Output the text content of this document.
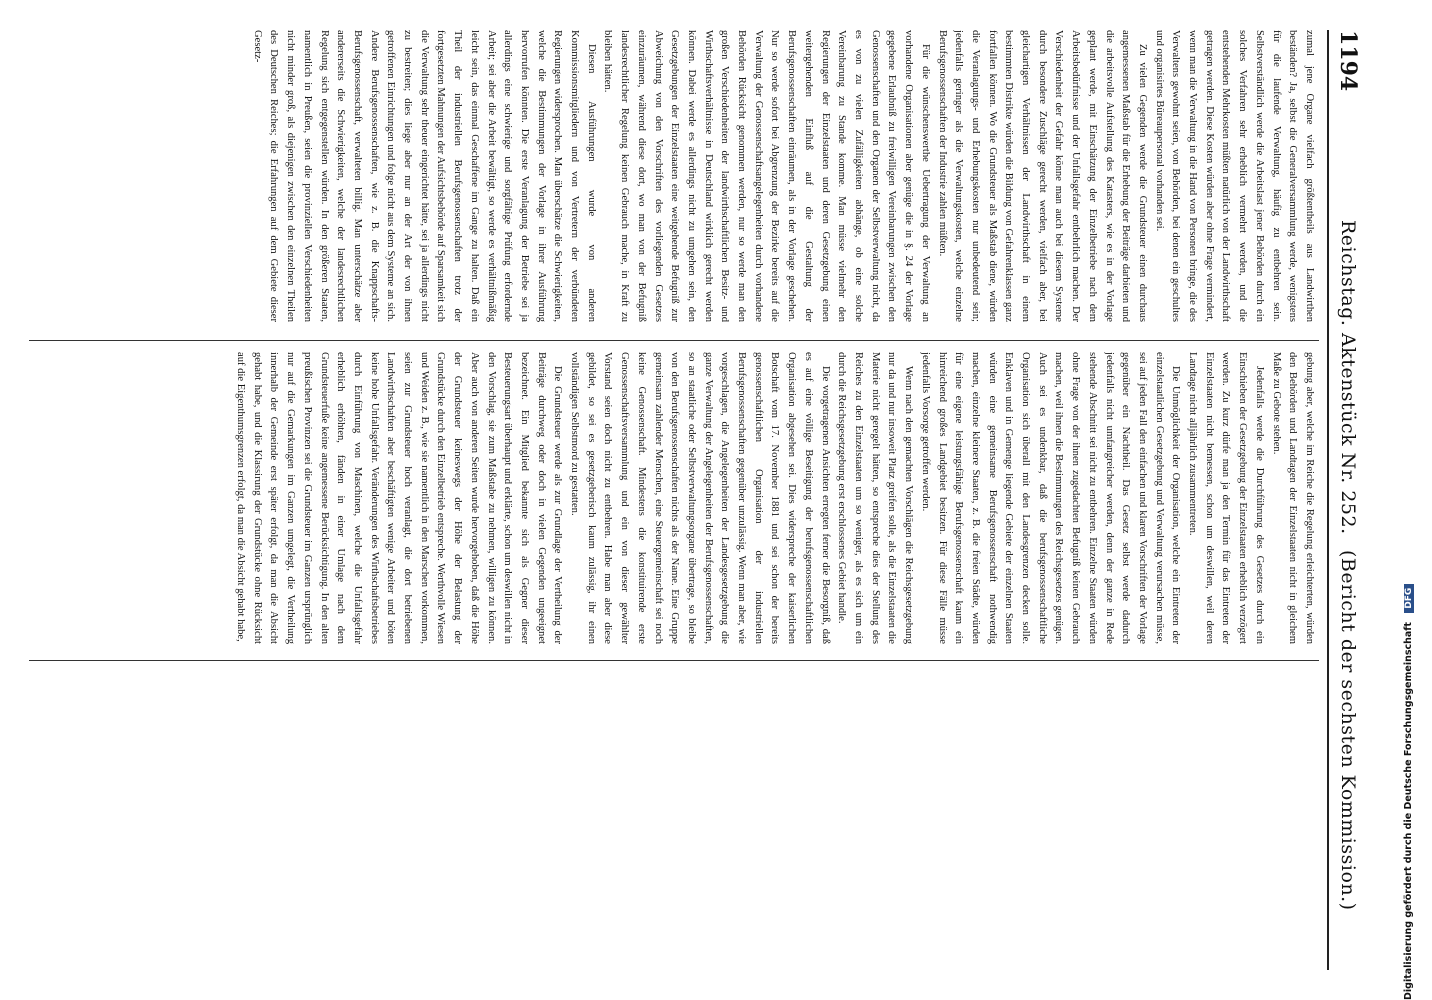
1194
Reichstag. Aktenstück Nr. 252.
(Bericht der sechsten Kommission.)

zumal jene Organe vielfach größtentheils aus Landwirthen beständen? Ja, selbst die Generalversammlung werde, wenigstens für die laufende Verwaltung, häufig zu entbehren sein. Selbstverständlich werde die Arbeitslast jener Behörden durch ein solches Verfahren sehr erheblich vermehrt werden, und die entstehenden Mehrkosten müßten natürlich von der Landwirthschaft getragen werden. Diese Kosten würden aber ohne Frage vermindert, wenn man die Verwaltung in die Hand von Personen bringe, die des Verwaltens gewohnt seien, von Behörden, bei denen ein geschultes und organisirtes Büreaupersonal vorhanden sei.

Zu vielen Gegenden werde die Grundsteuer einen durchaus angemessenen Maßstab für die Erhebung der Beiträge darbieten und die arbeitsvolle Aufstellung des Katasters, wie es in der Vorlage geplant werde, mit Einschätzung der Einzelbetriebe nach dem Arbeitsbedürfnisse und der Unfallsgefahr entbehrlich machen. Der Verschiedenheit der Gefahr könne man auch bei diesem Systeme durch besondere Zuschläge gerecht werden, vielfach aber, bei gleichartigen Verhältnissen der Landwirthschaft in einem bestimmten Distrikte würden die Bildung von Gefahrenklassen ganz fortfallen können. Wo die Grundsteuer als Maßstab diene, würden die Veranlagungs- und Erhebungskosten nur unbedeutend sein; jedenfalls geringer als die Verwaltungskosten, welche einzelne Berufsgenossenschaften der Industrie zahlen müßten.

Für die wünschenswerthe Uebertragung der Verwaltung an vorhandene Organisationen aber genüge die in §. 24 der Vorlage gegebene Erlaubniß zu freiwilligen Vereinbarungen zwischen den Genossenschaften und den Organen der Selbstverwaltung nicht, da es von zu vielen Zufälligkeiten abhänge, ob eine solche Vereinbarung zu Stande komme. Man müsse vielmehr den Regierungen der Einzelstaaten und deren Gesetzgebung einen weitergehenden Einfluß auf die Gestaltung der Berufsgenossenschaften einräumen, als in der Vorlage geschehen. Nur so werde sofort bei Abgrenzung der Bezirke bereits auf die Verwaltung der Genossenschaftsangelegenheiten durch vorhandene Behörden Rücksicht genommen werden, nur so werde man den großen Verschiedenheiten der landwirthschaftlichen Besitz- und Wirthschaftsverhältnisse in Deutschland wirklich gerecht werden können. Dabei werde es allerdings nicht zu umgehen sein, den Gesetzgebungen der Einzelstaaten eine weitgehende Befugniß zur Abweichung von den Vorschriften des vorliegenden Gesetzes einzuräumen, während diese dort, wo man von der Befugniß landesrechtlicher Regelung keinen Gebrauch mache, in Kraft zu bleiben hätten.

Diesen Ausführungen wurde von anderen Kommissionsmitgliedern und von Vertretern der verbündeten Regierungen widersprochen. Man überschätze die Schwierigkeiten, welche die Bestimmungen der Vorlage in ihrer Ausführung hervorrufen könnten. Die erste Veranlagung der Betriebe sei ja allerdings eine schwierige und sorgfältige Prüfung erfordernde Arbeit; sei aber die Arbeit bewältigt, so werde es verhältnißmäßig leicht sein, das einmal Geschaffene im Gange zu halten. Daß ein Theil der industriellen Berufsgenossenschaften trotz der fortgesetzten Mahnungen der Aufsichtsbehörde auf Sparsamkeit sich die Verwaltung sehr theuer eingerichtet hätte, sei ja allerdings nicht zu bestreiten; dies liege aber nur an der Art der von ihnen getroffenen Einrichtungen und folge nicht aus dem Systeme an sich. Andere Berufsgenossenschaften, wie z. B. die Knappschafts-Berufsgenossenschaft, verwalteten billig. Man unterschätze aber andererseits die Schwierigkeiten, welche der landesrechtlichen Regelung sich entgegenstellen würden. In den größeren Staaten, namentlich in Preußen, seien die provinziellen Verschiedenheiten nicht minder groß, als diejenigen zwischen den einzelnen Theilen des Deutschen Reiches; die Erfahrungen auf dem Gebiete dieser Gesetz-

gebung aber, welche im Reiche die Regelung erleichterten, würden den Behörden und Landtagen der Einzelstaaten nicht in gleichem Maße zu Gebote stehen.

Jedenfalls werde die Durchführung des Gesetzes durch ein Einschieben der Gesetzgebung der Einzelstaaten erheblich verzögert werden. Zu kurz dürfe man ja den Termin für das Eintreten der Einzelstaaten nicht bemessen, schon um deswillen, weil deren Landtage nicht alljährlich zusammentreten.

Die Unmöglichkeit der Organisation, welche ein Eintreten der einzelstaatlichen Gesetzgebung und Verwaltung verursachen müsse, sei auf jeden Fall den einfachen und klaren Vorschriften der Vorlage gegenüber ein Nachtheil. Das Gesetz selbst werde dadurch jedenfalls nicht umfangreicher werden, denn der ganze in Rede stehende Abschnitt sei nicht zu entbehren. Einzelne Staaten würden ohne Frage von der ihnen zugedachten Befugniß keinen Gebrauch machen, weil ihnen die Bestimmungen des Reichsgesetzes genügen. Auch sei es undenkbar, daß die berufsgenossenschaftliche Organisation sich überall mit den Landesgrenzen decken solle. Enklaven und in Gemenge liegende Gebiete der einzelnen Staaten würden eine gemeinsame Berufsgenossenschaft nothwendig machen, einzelne kleinere Staaten, z. B. die freien Städte, würden für eine eigene leistungsfähige Berufsgenossenschaft kaum ein hinreichend großes Landgebiet besitzen. Für diese Fälle müsse jedenfalls Vorsorge getroffen werden.

Wenn nach den gemachten Vorschlägen die Reichsgesetzgebung nur da und nur insoweit Platz greifen solle, als die Einzelstaaten die Materie nicht geregelt hätten, so entspreche dies der Stellung des Reiches zu den Einzelstaaten um so weniger, als es sich um ein durch die Reichsgesetzgebung erst erschlossenes Gebiet handle.

Die vorgetragenen Ansichten erregten ferner die Besorgniß, daß es auf eine völlige Beseitigung der berufsgenossenschaftlichen Organisation abgesehen sei. Dies widerspreche der kaiserlichen Botschaft vom 17. November 1881 und sei schon der bereits genossenschaftlichen Organisation der industriellen Berufsgenossenschaften gegenüber unzulässig. Wenn man aber, wie vorgeschlagen, die Angelegenheiten der Landesgesetzgebung die ganze Verwaltung der Angelegenheiten der Berufsgenossenschaften, so an staatliche oder Selbstverwaltungsorgane übertrage, so bleibe von den Berufsgenossenschaften nichts als der Name. Eine Gruppe gemeinsam zahlender Menschen, eine Steuergemeinschaft sei noch keine Genossenschaft. Mindestens die konstituirende erste Genossenschaftsversammlung und ein von dieser gewählter Vorstand seien doch nicht zu entbehren. Habe man aber diese gebildet, so sei es gesetzgeberisch kaum zulässig, ihr einen vollständigen Selbstmord zu gestatten.

Die Grundsteuer werde als zur Grundlage der Vertheilung der Beiträge durchweg oder doch in vielen Gegenden ungeeignet bezeichnet. Ein Mitglied bekannte sich als Gegner dieser Besteuerungsart überhaupt und erklärte, schon um deswillen nicht in den Vorschlag, sie zum Maßstabe zu nehmen, willigen zu können. Aber auch von anderen Seiten wurde hervorgehoben, daß die Höhe der Grundsteuer keineswegs der Höhe der Belastung der Grundstücke durch den Einzelbetrieb entspreche. Werthvolle Wiesen und Weiden z. B., wie sie namentlich in den Marschen vorkommen, seien zur Grundsteuer hoch veranlagt, die dort betriebenen Landwirthschaften aber beschäftigten wenige Arbeiter und böten keine hohe Unfallsgefahr. Veränderungen des Wirthschaftsbetriebes durch Einführung von Maschinen, welche die Unfallsgefahr erheblich erhöhten, fänden in einer Umlage nach dem Grundsteuerfuße keine angemessene Berücksichtigung. In den alten preußischen Provinzen sei die Grundsteuer im Ganzen ursprünglich nur auf die Gemarkungen im Ganzen umgelegt, die Vertheilung innerhalb der Gemeinde erst später erfolgt, da man die Absicht gehabt habe, und die Klassirung der Grundstücke ohne Rücksicht auf die Eigenthumsgrenzen erfolgt, da man die Absicht gehabt habe,

Digitalisierung gefördert durch die Deutsche Forschungsgemeinschaft DFG
